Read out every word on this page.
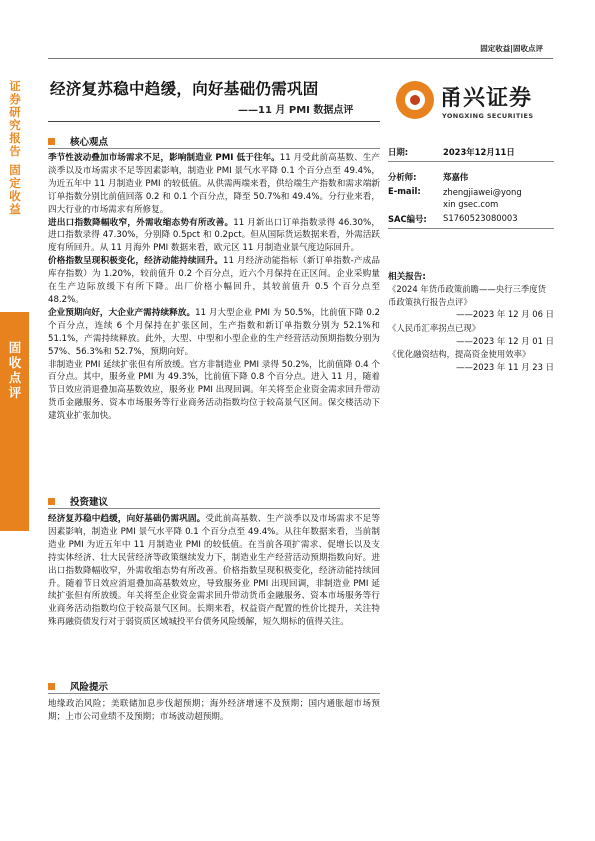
固定收益|固收点评
证
券
研
究
报
告
固
定
收
益
固
收
点
评
经济复苏稳中趋缓，向好基础仍需巩固
——11 月 PMI 数据点评	甬兴证券
YONGXING SECURITIES
核心观点

季节性波动叠加市场需求不足，影响制造业 PMI 低于往年。11 月受此前高基数、生产淡季以及市场需求不足等因素影响，制造业 PMI 景气水平降 0.1 个百分点至 49.4%，为近五年中 11 月制造业 PMI 的较低值。从供需两端来看，供给端生产指数和需求端新订单指数分别比前值回落 0.2 和 0.1 个百分点，降至 50.7%和 49.4%。分行业来看，四大行业的市场需求有所修复。

进出口指数降幅收窄，外需收缩态势有所改善。11 月新出口订单指数录得 46.30%，进口指数录得 47.30%，分别降 0.5pct 和 0.2pct。但从国际货运数据来看，外需活跃度有所回升。从 11 月海外 PMI 数据来看，欧元区 11 月制造业景气度边际回升。

价格指数呈现积极变化，经济动能持续回升。11 月经济动能指标（新订单指数-产成品库存指数）为 1.20%，较前值升 0.2 个百分点，近六个月保持在正区间。企业采购量在生产边际放缓下有所下降。出厂价格小幅回升，其较前值升 0.5 个百分点至 48.2%。

企业预期向好，大企业产需持续释放。11 月大型企业 PMI 为 50.5%，比前值下降 0.2 个百分点，连续 6 个月保持在扩张区间，生产指数和新订单指数分别为 52.1%和 51.1%，产需持续释放。此外，大型、中型和小型企业的生产经营活动预期指数分别为 57%、56.3%和 52.7%，预期向好。

非制造业 PMI 延续扩张但有所放缓。官方非制造业 PMI 录得 50.2%，比前值降 0.4 个百分点。其中，服务业 PMI 为 49.3%，比前值下降 0.8 个百分点。进入 11 月，随着节日效应消退叠加高基数效应，服务业 PMI 出现回调。年关将至企业资金需求回升带动货币金融服务、资本市场服务等行业商务活动指数均位于较高景气区间。保交楼活动下建筑业扩张加快。

投资建议

经济复苏稳中趋缓，向好基础仍需巩固。受此前高基数、生产淡季以及市场需求不足等因素影响，制造业 PMI 景气水平降 0.1 个百分点至 49.4%。从往年数据来看，当前制造业 PMI 为近五年中 11 月制造业 PMI 的较低值。在当前各项扩需求、促增长以及支持实体经济、壮大民营经济等政策继续发力下，制造业生产经营活动预期指数向好。进出口指数降幅收窄，外需收缩态势有所改善。价格指数呈现积极变化，经济动能持续回升。随着节日效应消退叠加高基数效应，导致服务业 PMI 出现回调，非制造业 PMI 延续扩张但有所放缓。年关将至企业资金需求回升带动货币金融服务、资本市场服务等行业商务活动指数均位于较高景气区间。长期来看，权益资产配置的性价比提升，关注特殊再融资债发行对于弱资质区域城投平台债务风险缓解，短久期标的值得关注。

风险提示

地缘政治风险；美联储加息步伐超预期；海外经济增速不及预期；国内通胀超市场预期；上市公司业绩不及预期；市场波动超预期。

日期:	2023年12月11日
分析师:	郑嘉伟
E-mail:	zhengjiawei@yongxin gsec.com
SAC编号:	S1760523080003
相关报告:
《2024 年货币政策前瞻——央行三季度货币政策执行报告点评》
——2023 年 12 月 06 日
《人民币汇率拐点已现》
——2023 年 12 月 01 日
《优化融资结构，提高资金使用效率》
——2023 年 11 月 23 日
